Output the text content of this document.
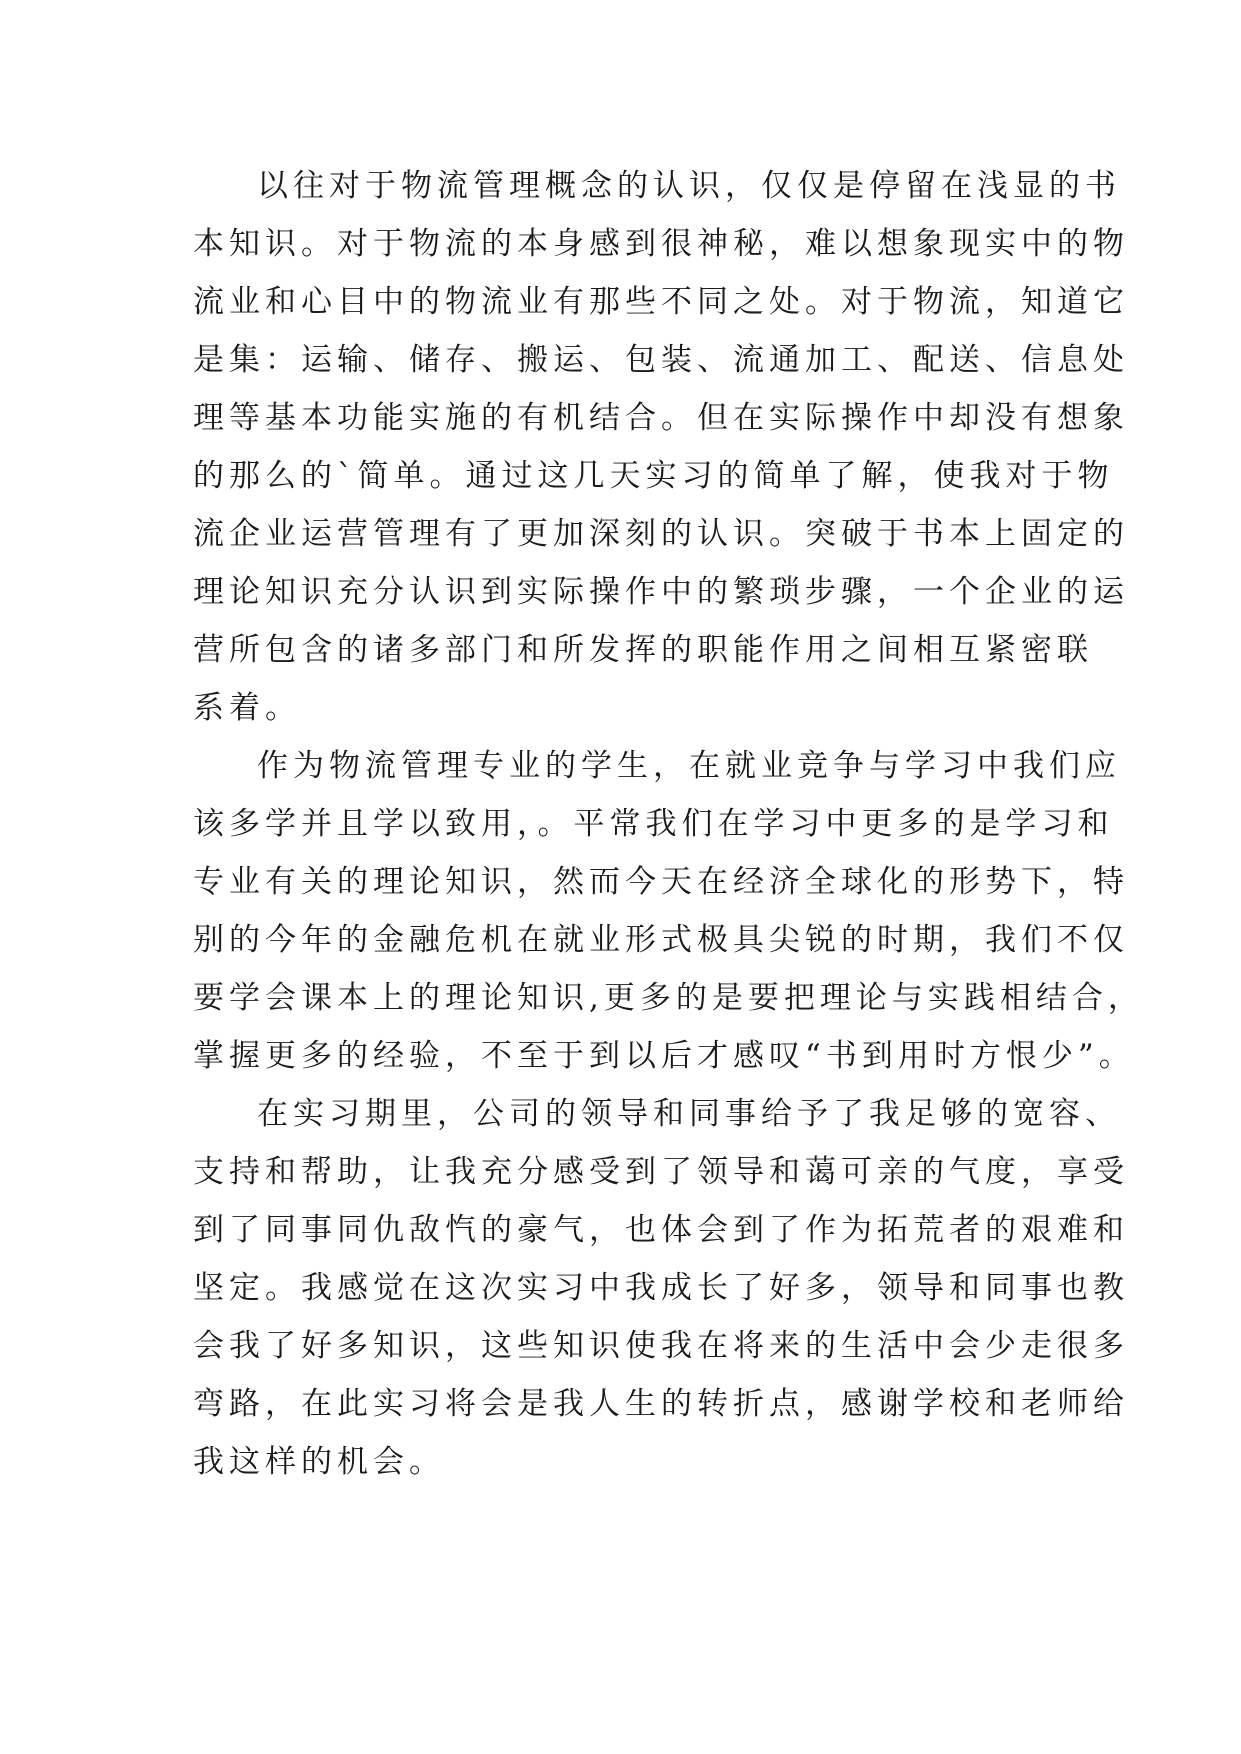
以往对于物流管理概念的认识，仅仅是停留在浅显的书
本知识。对于物流的本身感到很神秘，难以想象现实中的物
流业和心目中的物流业有那些不同之处。对于物流，知道它
是集：运输、储存、搬运、包装、流通加工、配送、信息处
理等基本功能实施的有机结合。但在实际操作中却没有想象
的那么的`简单。通过这几天实习的简单了解，使我对于物
流企业运营管理有了更加深刻的认识。突破于书本上固定的
理论知识充分认识到实际操作中的繁琐步骤，一个企业的运
营所包含的诸多部门和所发挥的职能作用之间相互紧密联
系着。
作为物流管理专业的学生，在就业竞争与学习中我们应
该多学并且学以致用，。平常我们在学习中更多的是学习和
专业有关的理论知识，然而今天在经济全球化的形势下，特
别的今年的金融危机在就业形式极具尖锐的时期，我们不仅
要学会课本上的理论知识,更多的是要把理论与实践相结合，
掌握更多的经验，不至于到以后才感叹“书到用时方恨少”。
在实习期里，公司的领导和同事给予了我足够的宽容、
支持和帮助，让我充分感受到了领导和蔼可亲的气度，享受
到了同事同仇敌忾的豪气，也体会到了作为拓荒者的艰难和
坚定。我感觉在这次实习中我成长了好多，领导和同事也教
会我了好多知识，这些知识使我在将来的生活中会少走很多
弯路，在此实习将会是我人生的转折点，感谢学校和老师给
我这样的机会。
